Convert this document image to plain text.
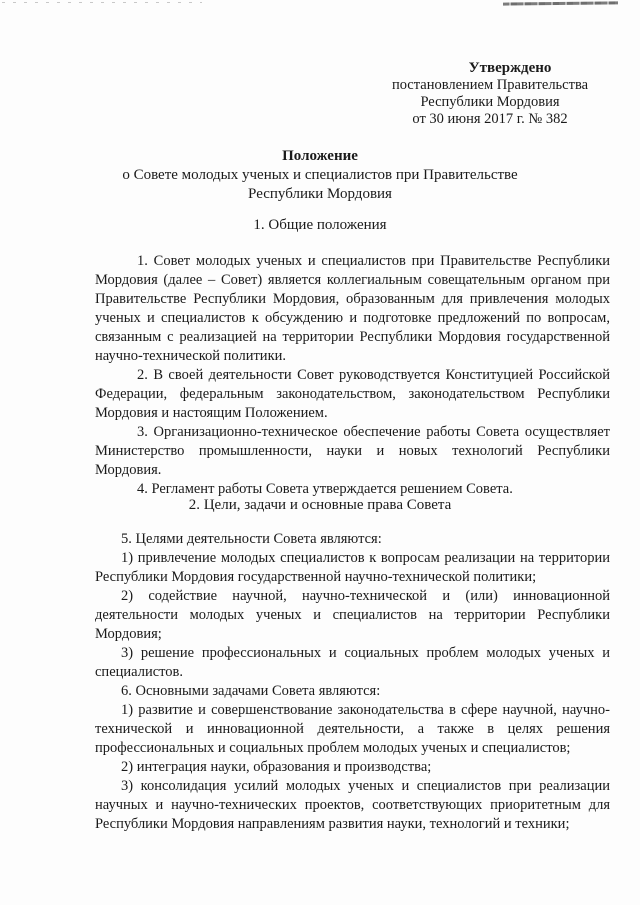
Утверждено
постановлением Правительства
Республики Мордовия
от 30 июня 2017 г. № 382
Положение
о Совете молодых ученых и специалистов при Правительстве
Республики Мордовия
1. Общие положения

1. Совет молодых ученых и специалистов при Правительстве Республики Мордовия (далее – Совет) является коллегиальным совещательным органом при Правительстве Республики Мордовия, образованным для привлечения молодых ученых и специалистов к обсуждению и подготовке предложений по вопросам, связанным с реализацией на территории Республики Мордовия государственной научно-технической политики.

2. В своей деятельности Совет руководствуется Конституцией Российской Федерации, федеральным законодательством, законодательством Республики Мордовия и настоящим Положением.

3. Организационно-техническое обеспечение работы Совета осуществляет Министерство промышленности, науки и новых технологий Республики Мордовия.

4. Регламент работы Совета утверждается решением Совета.

2. Цели, задачи и основные права Совета

5. Целями деятельности Совета являются:

1) привлечение молодых специалистов к вопросам реализации на территории Республики Мордовия государственной научно-технической политики;

2) содействие научной, научно-технической и (или) инновационной деятельности молодых ученых и специалистов на территории Республики Мордовия;

3) решение профессиональных и социальных проблем молодых ученых и специалистов.

6. Основными задачами Совета являются:

1) развитие и совершенствование законодательства в сфере научной, научно-технической и инновационной деятельности, а также в целях решения профессиональных и социальных проблем молодых ученых и специалистов;

2) интеграция науки, образования и производства;

3) консолидация усилий молодых ученых и специалистов при реализации научных и научно-технических проектов, соответствующих приоритетным для Республики Мордовия направлениям развития науки, технологий и техники;
